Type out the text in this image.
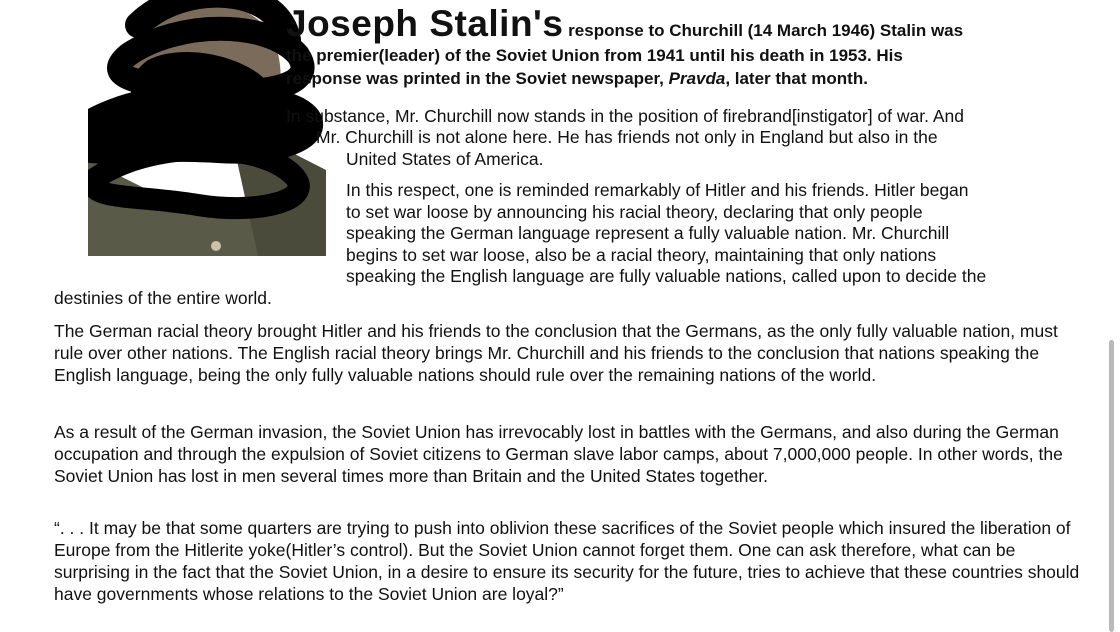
Joseph Stalin's response to Churchill (14 March 1946) Stalin was
the premier(leader) of the Soviet Union from 1941 until his death in 1953. His
response was printed in the Soviet newspaper, Pravda, later that month.

In substance, Mr. Churchill now stands in the position of firebrand[instigator] of war. And

Mr. Churchill is not alone here. He has friends not only in England but also in the

United States of America.

In this respect, one is reminded remarkably of Hitler and his friends. Hitler began
to set war loose by announcing his racial theory, declaring that only people
speaking the German language represent a fully valuable nation. Mr. Churchill
begins to set war loose, also be a racial theory, maintaining that only nations
speaking the English language are fully valuable nations, called upon to decide the

destinies of the entire world.

The German racial theory brought Hitler and his friends to the conclusion that the Germans, as the only fully valuable nation, must rule over other nations. The English racial theory brings Mr. Churchill and his friends to the conclusion that nations speaking the English language, being the only fully valuable nations should rule over the remaining nations of the world.

As a result of the German invasion, the Soviet Union has irrevocably lost in battles with the Germans, and also during the German occupation and through the expulsion of Soviet citizens to German slave labor camps, about 7,000,000 people. In other words, the Soviet Union has lost in men several times more than Britain and the United States together.

“. . . It may be that some quarters are trying to push into oblivion these sacrifices of the Soviet people which insured the liberation of Europe from the Hitlerite yoke(Hitler’s control). But the Soviet Union cannot forget them. One can ask therefore, what can be surprising in the fact that the Soviet Union, in a desire to ensure its security for the future, tries to achieve that these countries should have governments whose relations to the Soviet Union are loyal?”
